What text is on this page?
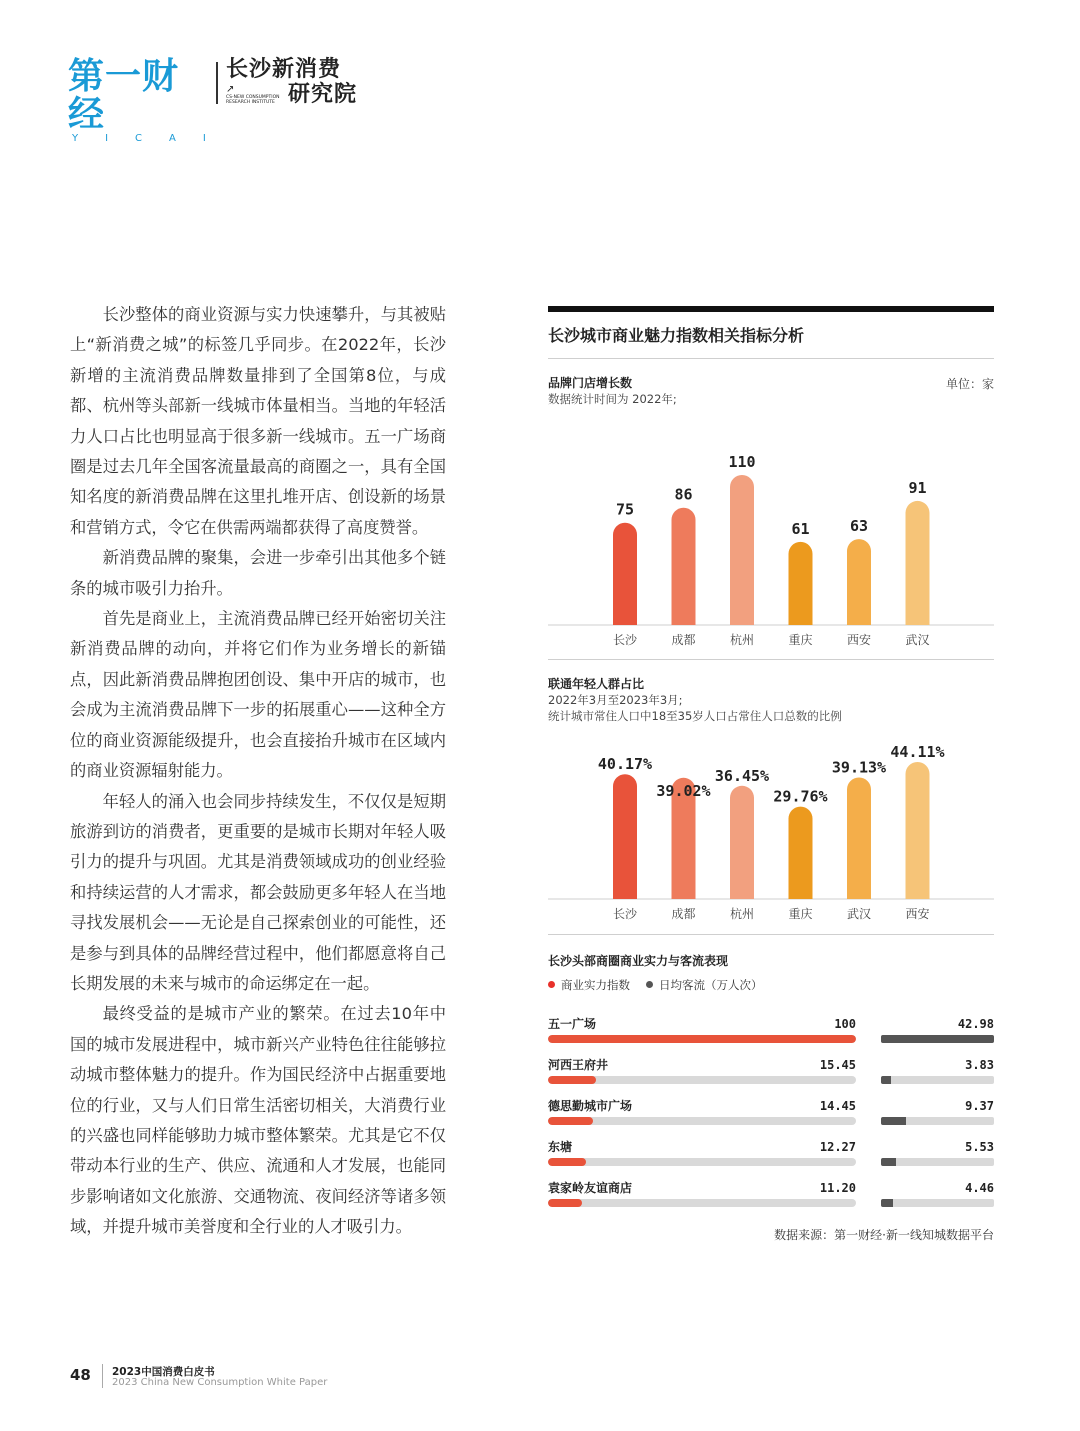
第一财经
YICAI
长沙新消费
↗
CS-NEW CONSUMPTION RESEARCH INSTITUTE 研究院

长沙整体的商业资源与实力快速攀升，与其被贴上“新消费之城”的标签几乎同步。在2022年，长沙新增的主流消费品牌数量排到了全国第8位，与成都、杭州等头部新一线城市体量相当。当地的年轻活力人口占比也明显高于很多新一线城市。五一广场商圈是过去几年全国客流量最高的商圈之一，具有全国知名度的新消费品牌在这里扎堆开店、创设新的场景和营销方式，令它在供需两端都获得了高度赞誉。

新消费品牌的聚集，会进一步牵引出其他多个链条的城市吸引力抬升。

首先是商业上，主流消费品牌已经开始密切关注新消费品牌的动向，并将它们作为业务增长的新锚点，因此新消费品牌抱团创设、集中开店的城市，也会成为主流消费品牌下一步的拓展重心——这种全方位的商业资源能级提升，也会直接抬升城市在区域内的商业资源辐射能力。

年轻人的涌入也会同步持续发生，不仅仅是短期旅游到访的消费者，更重要的是城市长期对年轻人吸引力的提升与巩固。尤其是消费领域成功的创业经验和持续运营的人才需求，都会鼓励更多年轻人在当地寻找发展机会——无论是自己探索创业的可能性，还是参与到具体的品牌经营过程中，他们都愿意将自己长期发展的未来与城市的命运绑定在一起。

最终受益的是城市产业的繁荣。在过去10年中国的城市发展进程中，城市新兴产业特色往往能够拉动城市整体魅力的提升。作为国民经济中占据重要地位的行业，又与人们日常生活密切相关，大消费行业的兴盛也同样能够助力城市整体繁荣。尤其是它不仅带动本行业的生产、供应、流通和人才发展，也能同步影响诸如文化旅游、交通物流、夜间经济等诸多领域，并提升城市美誉度和全行业的人才吸引力。

长沙城市商业魅力指数相关指标分析
品牌门店增长数	单位：家
数据统计时间为 2022年;
75
长沙
86
成都
110
杭州
61
重庆
63
西安
91
武汉
联通年轻人群占比
2022年3月至2023年3月;
统计城市常住人口中18至35岁人口占常住人口总数的比例
40.17%
长沙
39.02%
成都
36.45%
杭州
29.76%
重庆
39.13%
武汉
44.11%
西安
长沙头部商圈商业实力与客流表现
商业实力指数	日均客流（万人次）
五一广场	100	42.98
河西王府井	15.45	3.83
德思勤城市广场	14.45	9.37
东塘	12.27	5.53
袁家岭友谊商店	11.20	4.46
数据来源：第一财经·新一线知城数据平台
48 2023中国消费白皮书
2023 China New Consumption White Paper
